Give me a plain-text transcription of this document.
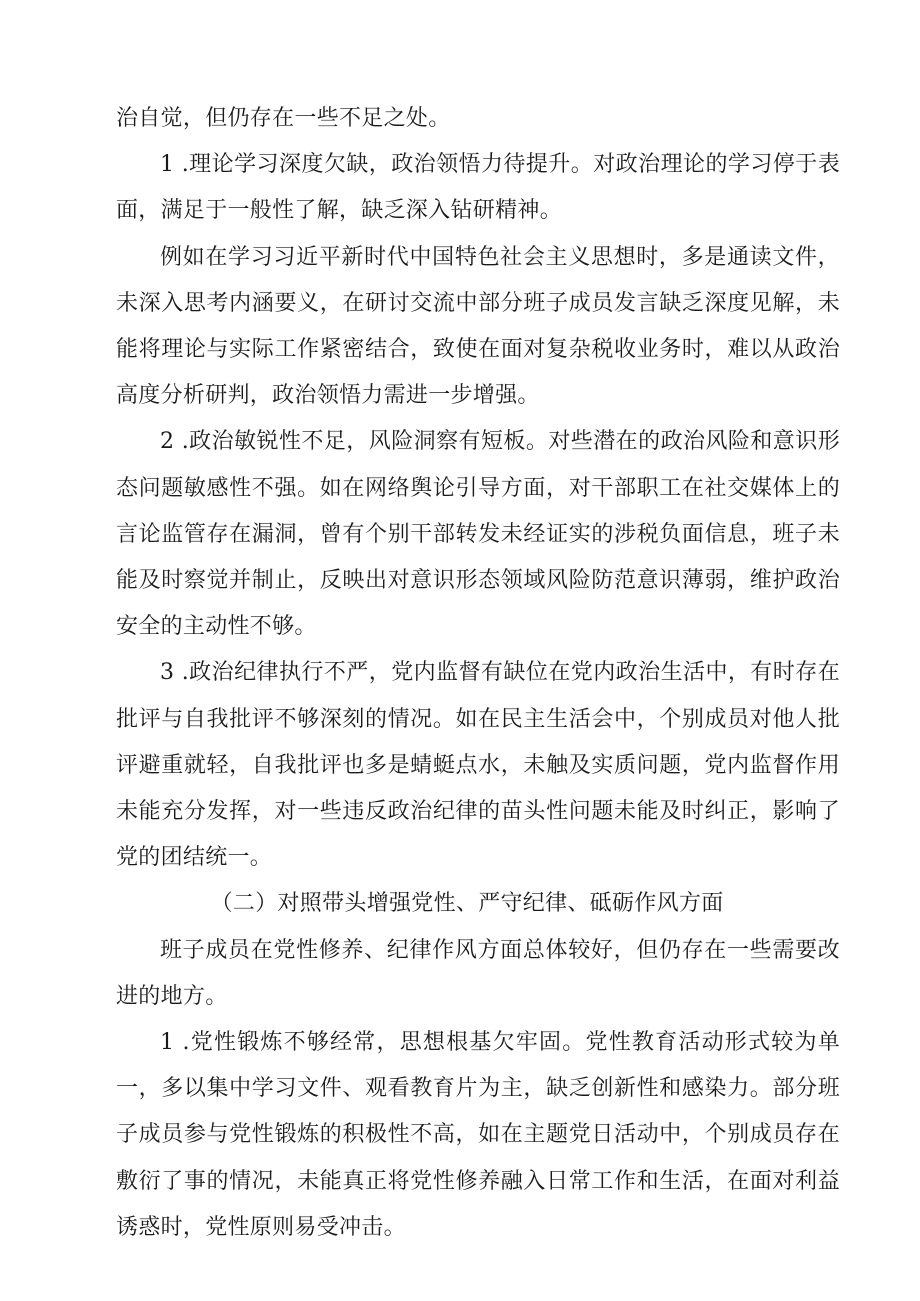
治自觉，但仍存在一些不足之处。

1 .理论学习深度欠缺，政治领悟力待提升。对政治理论的学习停于表面，满足于一般性了解，缺乏深入钻研精神。

例如在学习习近平新时代中国特色社会主义思想时，多是通读文件，未深入思考内涵要义，在研讨交流中部分班子成员发言缺乏深度见解，未能将理论与实际工作紧密结合，致使在面对复杂税收业务时，难以从政治高度分析研判，政治领悟力需进一步增强。

2 .政治敏锐性不足，风险洞察有短板。对些潜在的政治风险和意识形态问题敏感性不强。如在网络舆论引导方面，对干部职工在社交媒体上的言论监管存在漏洞，曾有个别干部转发未经证实的涉税负面信息，班子未能及时察觉并制止，反映出对意识形态领域风险防范意识薄弱，维护政治安全的主动性不够。

3 .政治纪律执行不严，党内监督有缺位在党内政治生活中，有时存在批评与自我批评不够深刻的情况。如在民主生活会中，个别成员对他人批评避重就轻，自我批评也多是蜻蜓点水，未触及实质问题，党内监督作用未能充分发挥，对一些违反政治纪律的苗头性问题未能及时纠正，影响了党的团结统一。

（二）对照带头增强党性、严守纪律、砥砺作风方面

班子成员在党性修养、纪律作风方面总体较好，但仍存在一些需要改进的地方。

1 .党性锻炼不够经常，思想根基欠牢固。党性教育活动形式较为单一，多以集中学习文件、观看教育片为主，缺乏创新性和感染力。部分班子成员参与党性锻炼的积极性不高，如在主题党日活动中，个别成员存在敷衍了事的情况，未能真正将党性修养融入日常工作和生活，在面对利益诱惑时，党性原则易受冲击。
